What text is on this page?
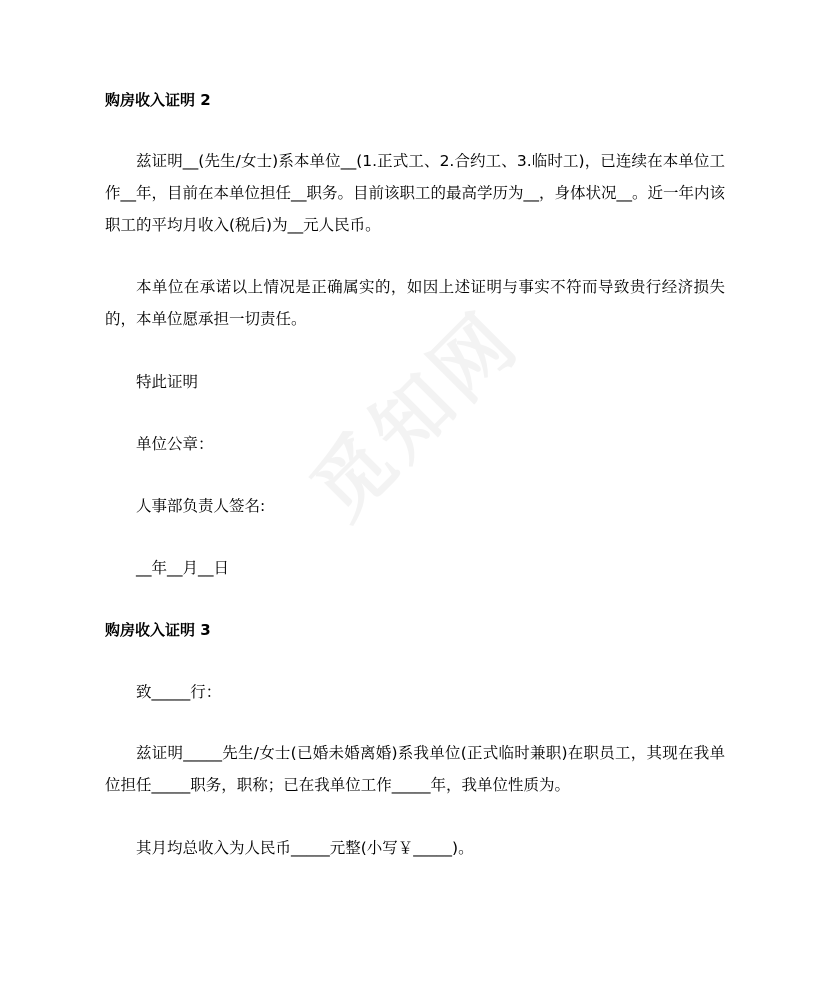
购房收入证明 2
兹证明__(先生/女士)系本单位__(1.正式工、2.合约工、3.临时工)，已连续在本单位工作__年，目前在本单位担任__职务。目前该职工的最高学历为__，身体状况__。近一年内该职工的平均月收入(税后)为__元人民币。
本单位在承诺以上情况是正确属实的，如因上述证明与事实不符而导致贵行经济损失的，本单位愿承担一切责任。
特此证明
单位公章：
人事部负责人签名:
__年__月__日
购房收入证明 3
致_____行：
兹证明_____先生/女士(已婚未婚离婚)系我单位(正式临时兼职)在职员工，其现在我单位担任_____职务，职称；已在我单位工作_____年，我单位性质为。
其月均总收入为人民币_____元整(小写￥_____)。
